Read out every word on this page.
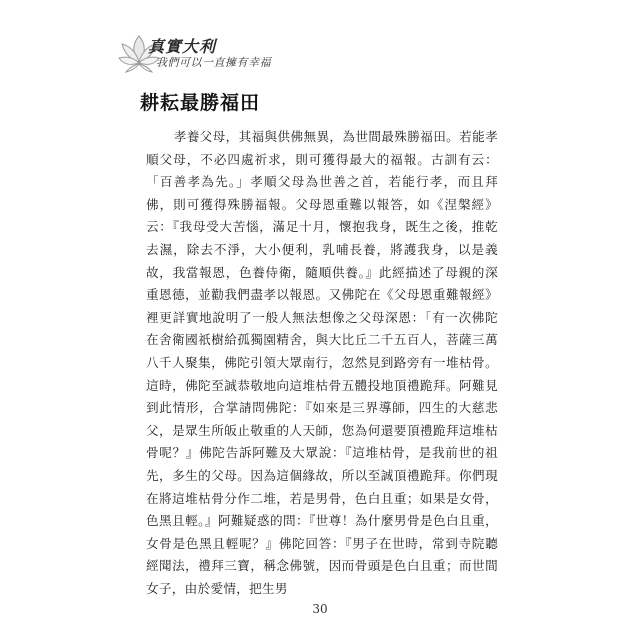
真實大利
我們可以一直擁有幸福
耕耘最勝福田

孝養父母，其福與供佛無異，為世間最殊勝福田。若能孝順父母，不必四處祈求，則可獲得最大的福報。古訓有云：「百善孝為先。」孝順父母為世善之首，若能行孝，而且拜佛，則可獲得殊勝福報。父母恩重難以報答，如《涅槃經》云：『我母受大苦惱，滿足十月，懷抱我身，既生之後，推乾去濕，除去不淨，大小便利，乳哺長養，將護我身，以是義故，我當報恩，色養侍衛，隨順供養。』此經描述了母親的深重恩德，並勸我們盡孝以報恩。又佛陀在《父母恩重難報經》裡更詳實地說明了一般人無法想像之父母深恩：「有一次佛陀在舍衛國祇樹給孤獨園精舍，與大比丘二千五百人，菩薩三萬八千人聚集，佛陀引領大眾南行，忽然見到路旁有一堆枯骨。這時，佛陀至誠恭敬地向這堆枯骨五體投地頂禮跪拜。阿難見到此情形，合掌請問佛陀：『如來是三界導師，四生的大慈悲父，是眾生所皈止敬重的人天師，您為何還要頂禮跪拜這堆枯骨呢？』佛陀告訴阿難及大眾說：『這堆枯骨，是我前世的祖先，多生的父母。因為這個緣故，所以至誠頂禮跪拜。你們現在將這堆枯骨分作二堆，若是男骨，色白且重；如果是女骨，色黑且輕。』阿難疑惑的問：『世尊！為什麼男骨是色白且重，女骨是色黑且輕呢？』佛陀回答：『男子在世時，常到寺院聽經聞法，禮拜三寶，稱念佛號，因而骨頭是色白且重；而世間女子，由於愛情，把生男

30
